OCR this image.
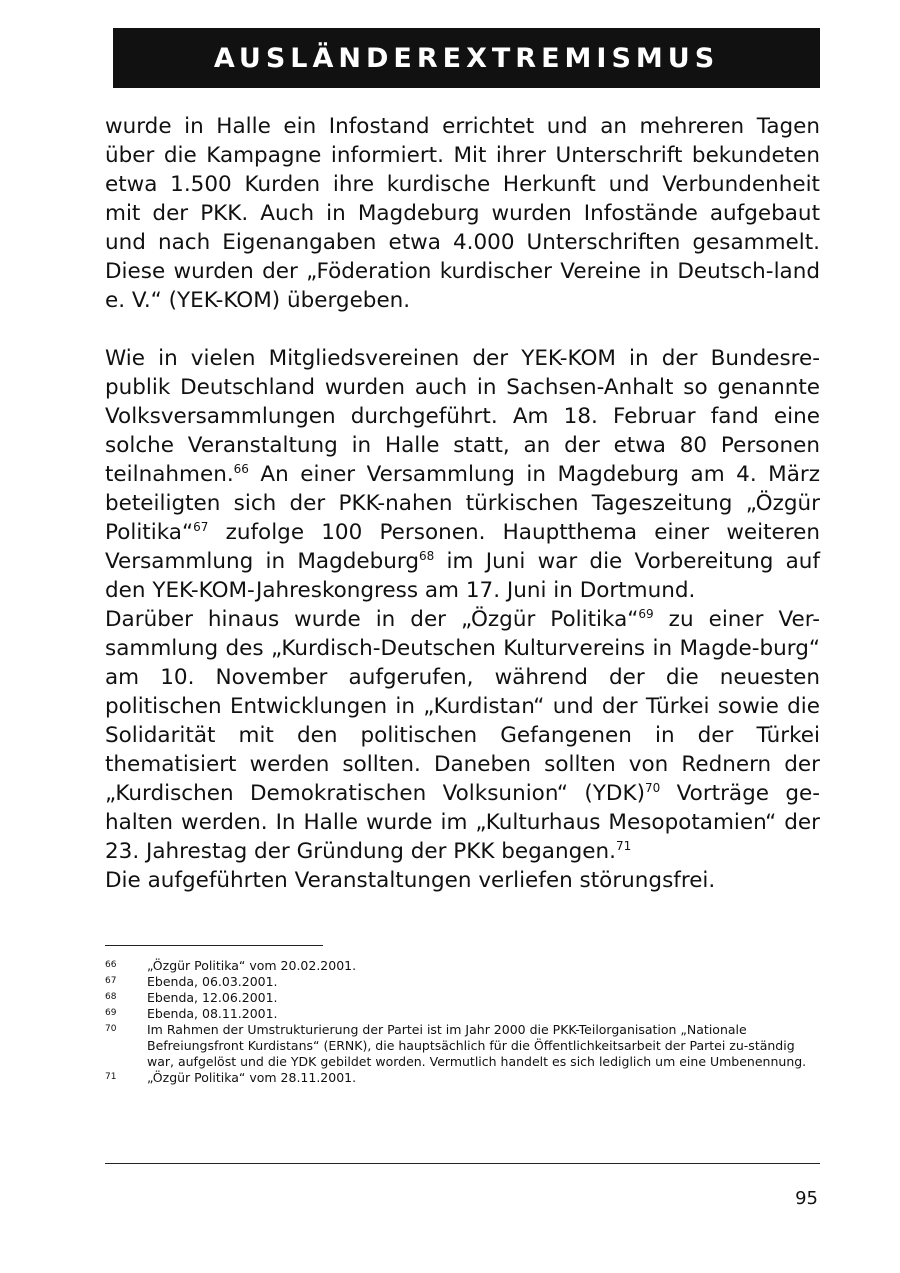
AUSLÄNDEREXTREMISMUS

wurde in Halle ein Infostand errichtet und an mehreren Tagen über die Kampagne informiert. Mit ihrer Unterschrift bekundeten etwa 1.500 Kurden ihre kurdische Herkunft und Verbundenheit mit der PKK. Auch in Magdeburg wurden Infostände aufgebaut und nach Eigenangaben etwa 4.000 Unterschriften gesammelt. Diese wurden der „Föderation kurdischer Vereine in Deutsch-land e. V.“ (YEK-KOM) übergeben.

Wie in vielen Mitgliedsvereinen der YEK-KOM in der Bundesre-publik Deutschland wurden auch in Sachsen-Anhalt so genannte Volksversammlungen durchgeführt. Am 18. Februar fand eine solche Veranstaltung in Halle statt, an der etwa 80 Personen teilnahmen.$^{66}$ An einer Versammlung in Magdeburg am 4. März beteiligten sich der PKK-nahen türkischen Tageszeitung „Özgür Politika“$^{67}$ zufolge 100 Personen. Hauptthema einer weiteren Versammlung in Magdeburg$^{68}$ im Juni war die Vorbereitung auf den YEK-KOM-Jahreskongress am 17. Juni in Dortmund.

Darüber hinaus wurde in der „Özgür Politika“$^{69}$ zu einer Ver-sammlung des „Kurdisch-Deutschen Kulturvereins in Magde-burg“ am 10. November aufgerufen, während der die neuesten politischen Entwicklungen in „Kurdistan“ und der Türkei sowie die Solidarität mit den politischen Gefangenen in der Türkei thematisiert werden sollten. Daneben sollten von Rednern der „Kurdischen Demokratischen Volksunion“ (YDK)$^{70}$ Vorträge ge-halten werden. In Halle wurde im „Kulturhaus Mesopotamien“ der 23. Jahrestag der Gründung der PKK begangen.$^{71}$

Die aufgeführten Veranstaltungen verliefen störungsfrei.

66	„Özgür Politika“ vom 20.02.2001.
67	Ebenda, 06.03.2001.
68	Ebenda, 12.06.2001.
69	Ebenda, 08.11.2001.
70	Im Rahmen der Umstrukturierung der Partei ist im Jahr 2000 die PKK-Teilorganisation „Nationale Befreiungsfront Kurdistans“ (ERNK), die hauptsächlich für die Öffentlichkeitsarbeit der Partei zu-ständig war, aufgelöst und die YDK gebildet worden. Vermutlich handelt es sich lediglich um eine Umbenennung.
71	„Özgür Politika“ vom 28.11.2001.
95
